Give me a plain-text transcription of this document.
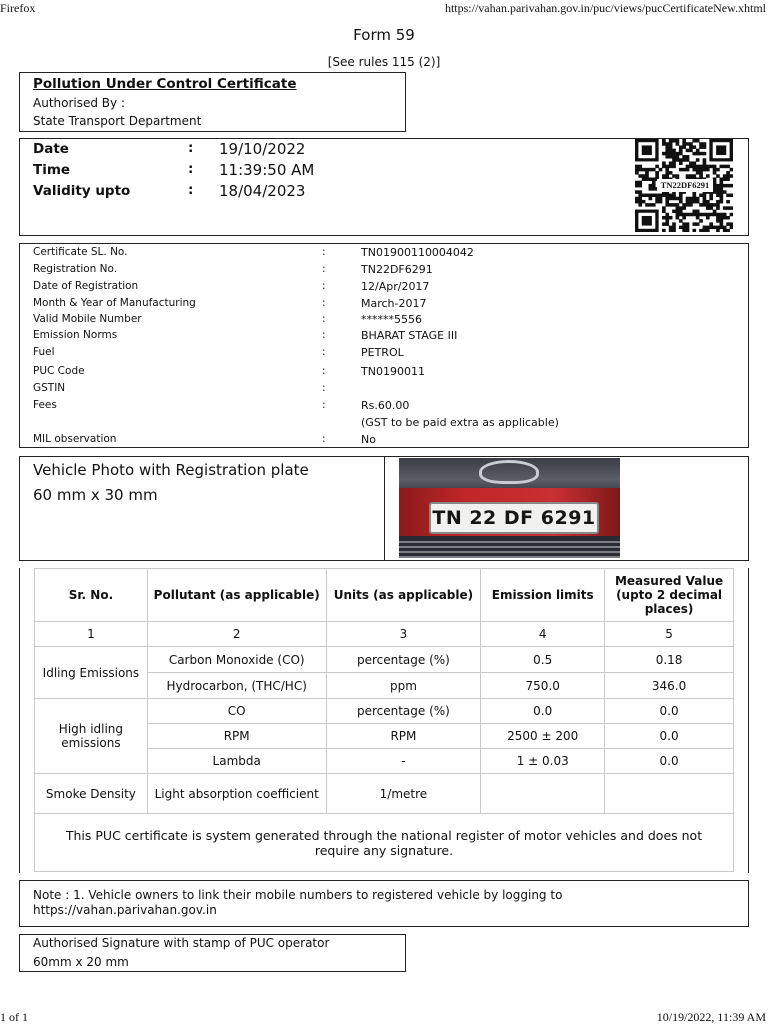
Firefox	https://vahan.parivahan.gov.in/puc/views/pucCertificateNew.xhtml
Form 59
[See rules 115 (2)]
Pollution Under Control Certificate
Authorised By :
State Transport Department
Date	: 19/10/2022
Time	: 11:39:50 AM
Validity upto	: 18/04/2023	TN22DF6291
Certificate SL. No.	:	TN01900110004042
Registration No.	:	TN22DF6291
Date of Registration	:	12/Apr/2017
Month & Year of Manufacturing	:	March-2017
Valid Mobile Number	:	******5556
Emission Norms	:	BHARAT STAGE III
Fuel	:	PETROL
PUC Code	:	TN0190011
GSTIN	:
Fees	:	Rs.60.00
(GST to be paid extra as applicable)
MIL observation	:	No
Vehicle Photo with Registration plate
60 mm x 30 mm
TN 22 DF 6291
Sr. No.	Pollutant (as applicable)	Units (as applicable)	Emission limits	Measured Value (upto 2 decimal places)
1	2	3	4	5
Idling Emissions	Carbon Monoxide (CO)	percentage (%)	0.5	0.18
	Hydrocarbon, (THC/HC)	ppm	750.0	346.0
High idling emissions	CO	percentage (%)	0.0	0.0
	RPM	RPM	2500 ± 200	0.0
	Lambda	-	1 ± 0.03	0.0
Smoke Density	Light absorption coefficient	1/metre		
This PUC certificate is system generated through the national register of motor vehicles and does not require any signature.				
Note : 1. Vehicle owners to link their mobile numbers to registered vehicle by logging to
https://vahan.parivahan.gov.in
Authorised Signature with stamp of PUC operator
60mm x 20 mm
1 of 1	10/19/2022, 11:39 AM
